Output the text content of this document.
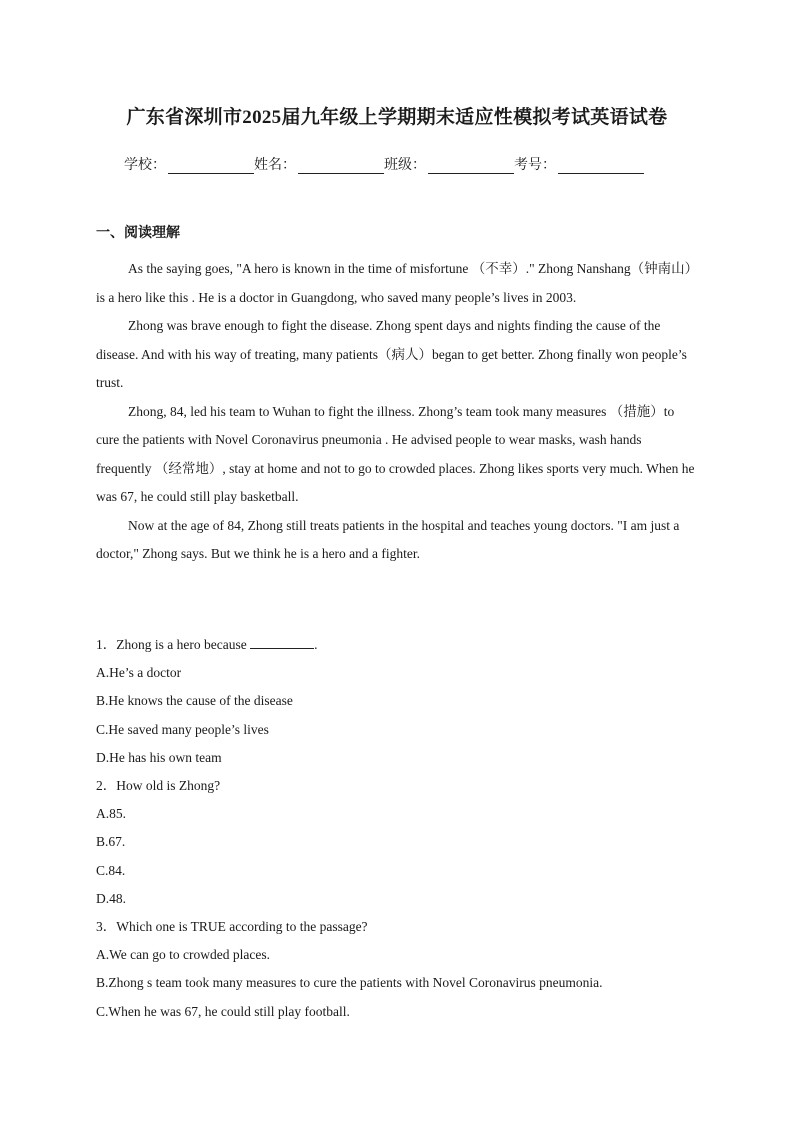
广东省深圳市2025届九年级上学期期末适应性模拟考试英语试卷
学校：	姓名：	班级：	考号：
一、阅读理解

As the saying goes, "A hero is known in the time of misfortune （不幸）." Zhong Nanshang（钟南山）is a hero like this . He is a doctor in Guangdong, who saved many people’s lives in 2003.

Zhong was brave enough to fight the disease. Zhong spent days and nights finding the cause of the disease. And with his way of treating, many patients（病人）began to get better. Zhong finally won people’s trust.

Zhong, 84, led his team to Wuhan to fight the illness. Zhong’s team took many measures （措施）to cure the patients with Novel Coronavirus pneumonia . He advised people to wear masks, wash hands frequently （经常地）, stay at home and not to go to crowded places. Zhong likes sports very much. When he was 67, he could still play basketball.

Now at the age of 84, Zhong still treats patients in the hospital and teaches young doctors. "I am just a doctor," Zhong says. But we think he is a hero and a fighter.

1．Zhong is a hero because	.
A.He’s a doctor
B.He knows the cause of the disease
C.He saved many people’s lives
D.He has his own team
2．How old is Zhong?
A.85.
B.67.
C.84.
D.48.
3．Which one is TRUE according to the passage?
A.We can go to crowded places.
B.Zhong s team took many measures to cure the patients with Novel Coronavirus pneumonia.
C.When he was 67, he could still play football.
